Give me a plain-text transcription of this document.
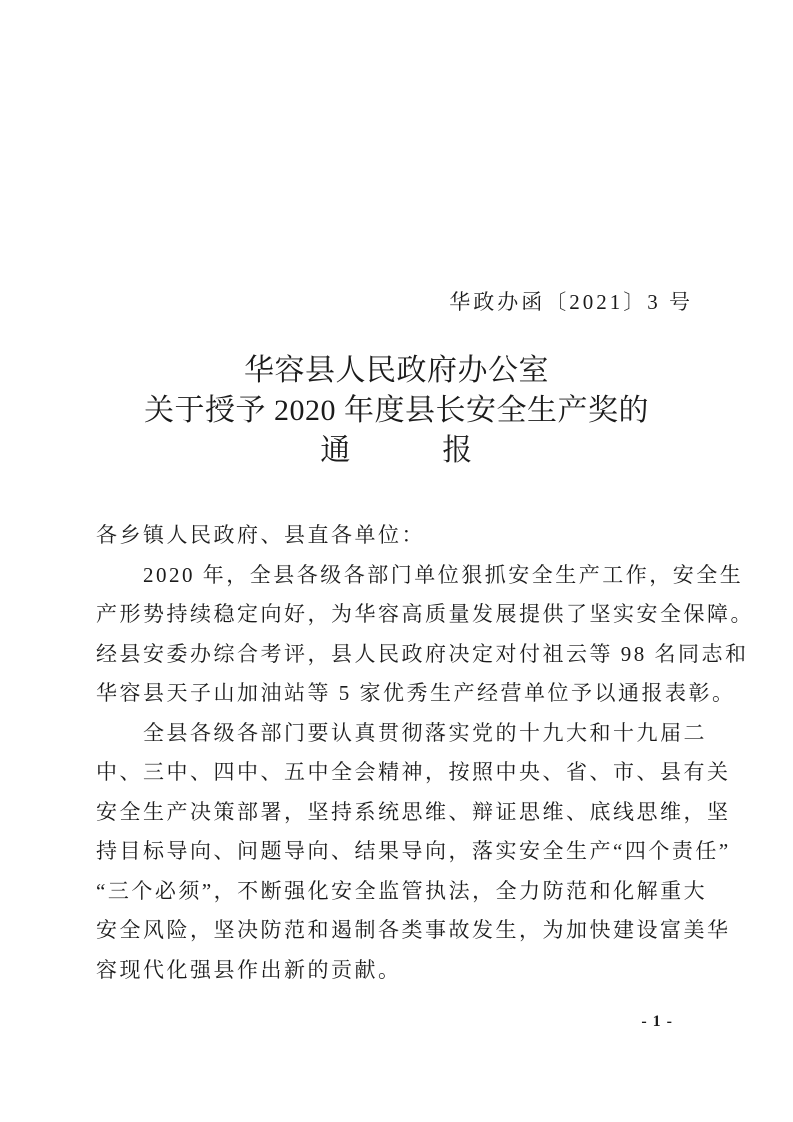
华政办函〔2021〕3 号
华容县人民政府办公室
关于授予 2020 年度县长安全生产奖的
通　　　报
各乡镇人民政府、县直各单位：
　　2020 年，全县各级各部门单位狠抓安全生产工作，安全生
产形势持续稳定向好，为华容高质量发展提供了坚实安全保障。
经县安委办综合考评，县人民政府决定对付祖云等 98 名同志和
华容县天子山加油站等 5 家优秀生产经营单位予以通报表彰。
　　全县各级各部门要认真贯彻落实党的十九大和十九届二
中、三中、四中、五中全会精神，按照中央、省、市、县有关
安全生产决策部署，坚持系统思维、辩证思维、底线思维，坚
持目标导向、问题导向、结果导向，落实安全生产“四个责任”
“三个必须”，不断强化安全监管执法，全力防范和化解重大
安全风险，坚决防范和遏制各类事故发生，为加快建设富美华
容现代化强县作出新的贡献。
- 1 -
